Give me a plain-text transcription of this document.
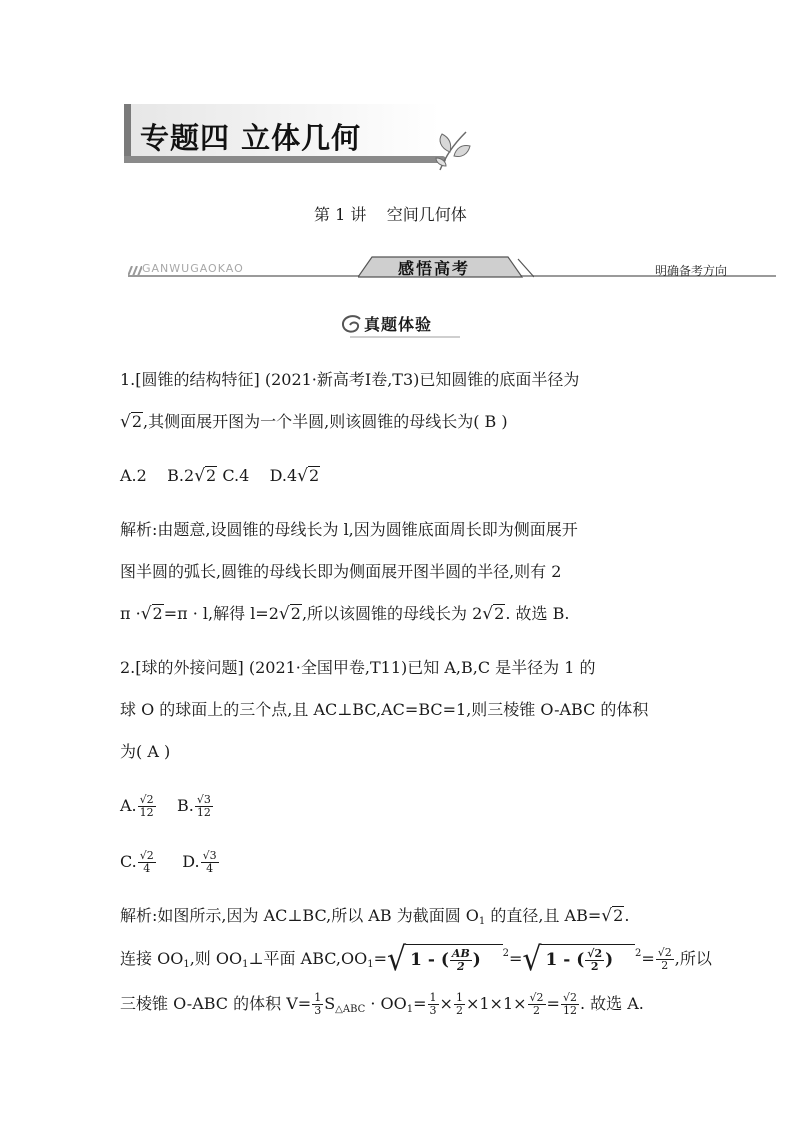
专题四 立体几何
第 1 讲    空间几何体
GANWUGAOKAO	感悟高考	明确备考方向
真题体验
1.[圆锥的结构特征] (2021·新高考Ⅰ卷,T3)已知圆锥的底面半径为
√2,其侧面展开图为一个半圆,则该圆锥的母线长为( B )
A.2 B.2√2 C.4 D.4√2
解析:由题意,设圆锥的母线长为 l,因为圆锥底面周长即为侧面展开
图半圆的弧长,圆锥的母线长即为侧面展开图半圆的半径,则有 2
π ·√2=π · l,解得 l=2√2,所以该圆锥的母线长为 2√2. 故选 B.
2.[球的外接问题] (2021·全国甲卷,T11)已知 A,B,C 是半径为 1 的
球 O 的球面上的三个点,且 AC⊥BC,AC=BC=1,则三棱锥 O-ABC 的体积
为( A )
A. $\frac{√2}{12} B$. $\frac{√3}{12}$
C. $\frac{√2}{4} D$. $\frac{√3}{4}$
解析:如图所示,因为 AC⊥BC,所以 AB 为截面圆 $O_1$ 的直径,且 AB=√2.
连接 $OO_1$,则 $OO_1\perp$平面 $ABC,OO_1=√$ 1 - ( $\frac{AB}{2}$ ) $^2$=√ 1 - ( $\frac{√2}{2}$ ) $^2= \frac{√2}{2}$ ,所以
三棱锥 O-ABC 的体积 $V= \frac{1}{3} S_{\triangle ABC} \cdot OO_1= \frac{1}{3} \times \frac{1}{2} \times 1\times 1\times \frac{√2}{2} = \frac{√2}{12}$ . 故选 A.
